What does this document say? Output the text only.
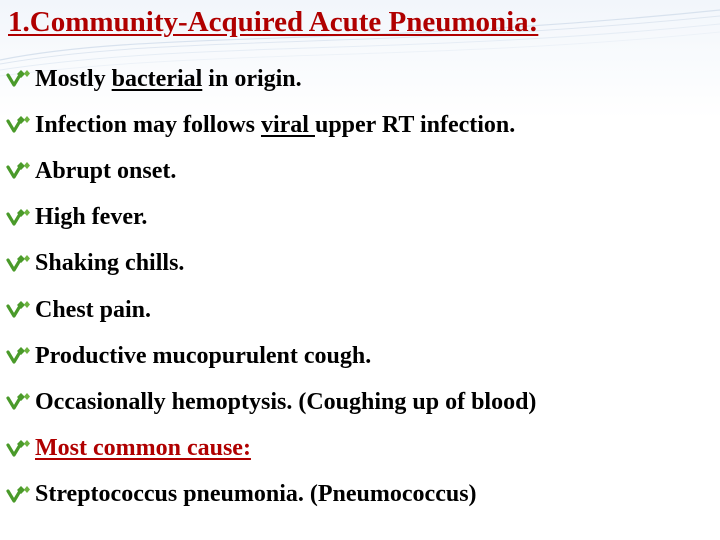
1.Community-Acquired Acute Pneumonia:
Mostly bacterial in origin.
Infection may follows viral upper RT infection.
Abrupt onset.
High fever.
Shaking chills.
Chest pain.
Productive mucopurulent cough.
Occasionally hemoptysis. (Coughing up of blood)
Most common cause:
Streptococcus pneumonia. (Pneumococcus)
